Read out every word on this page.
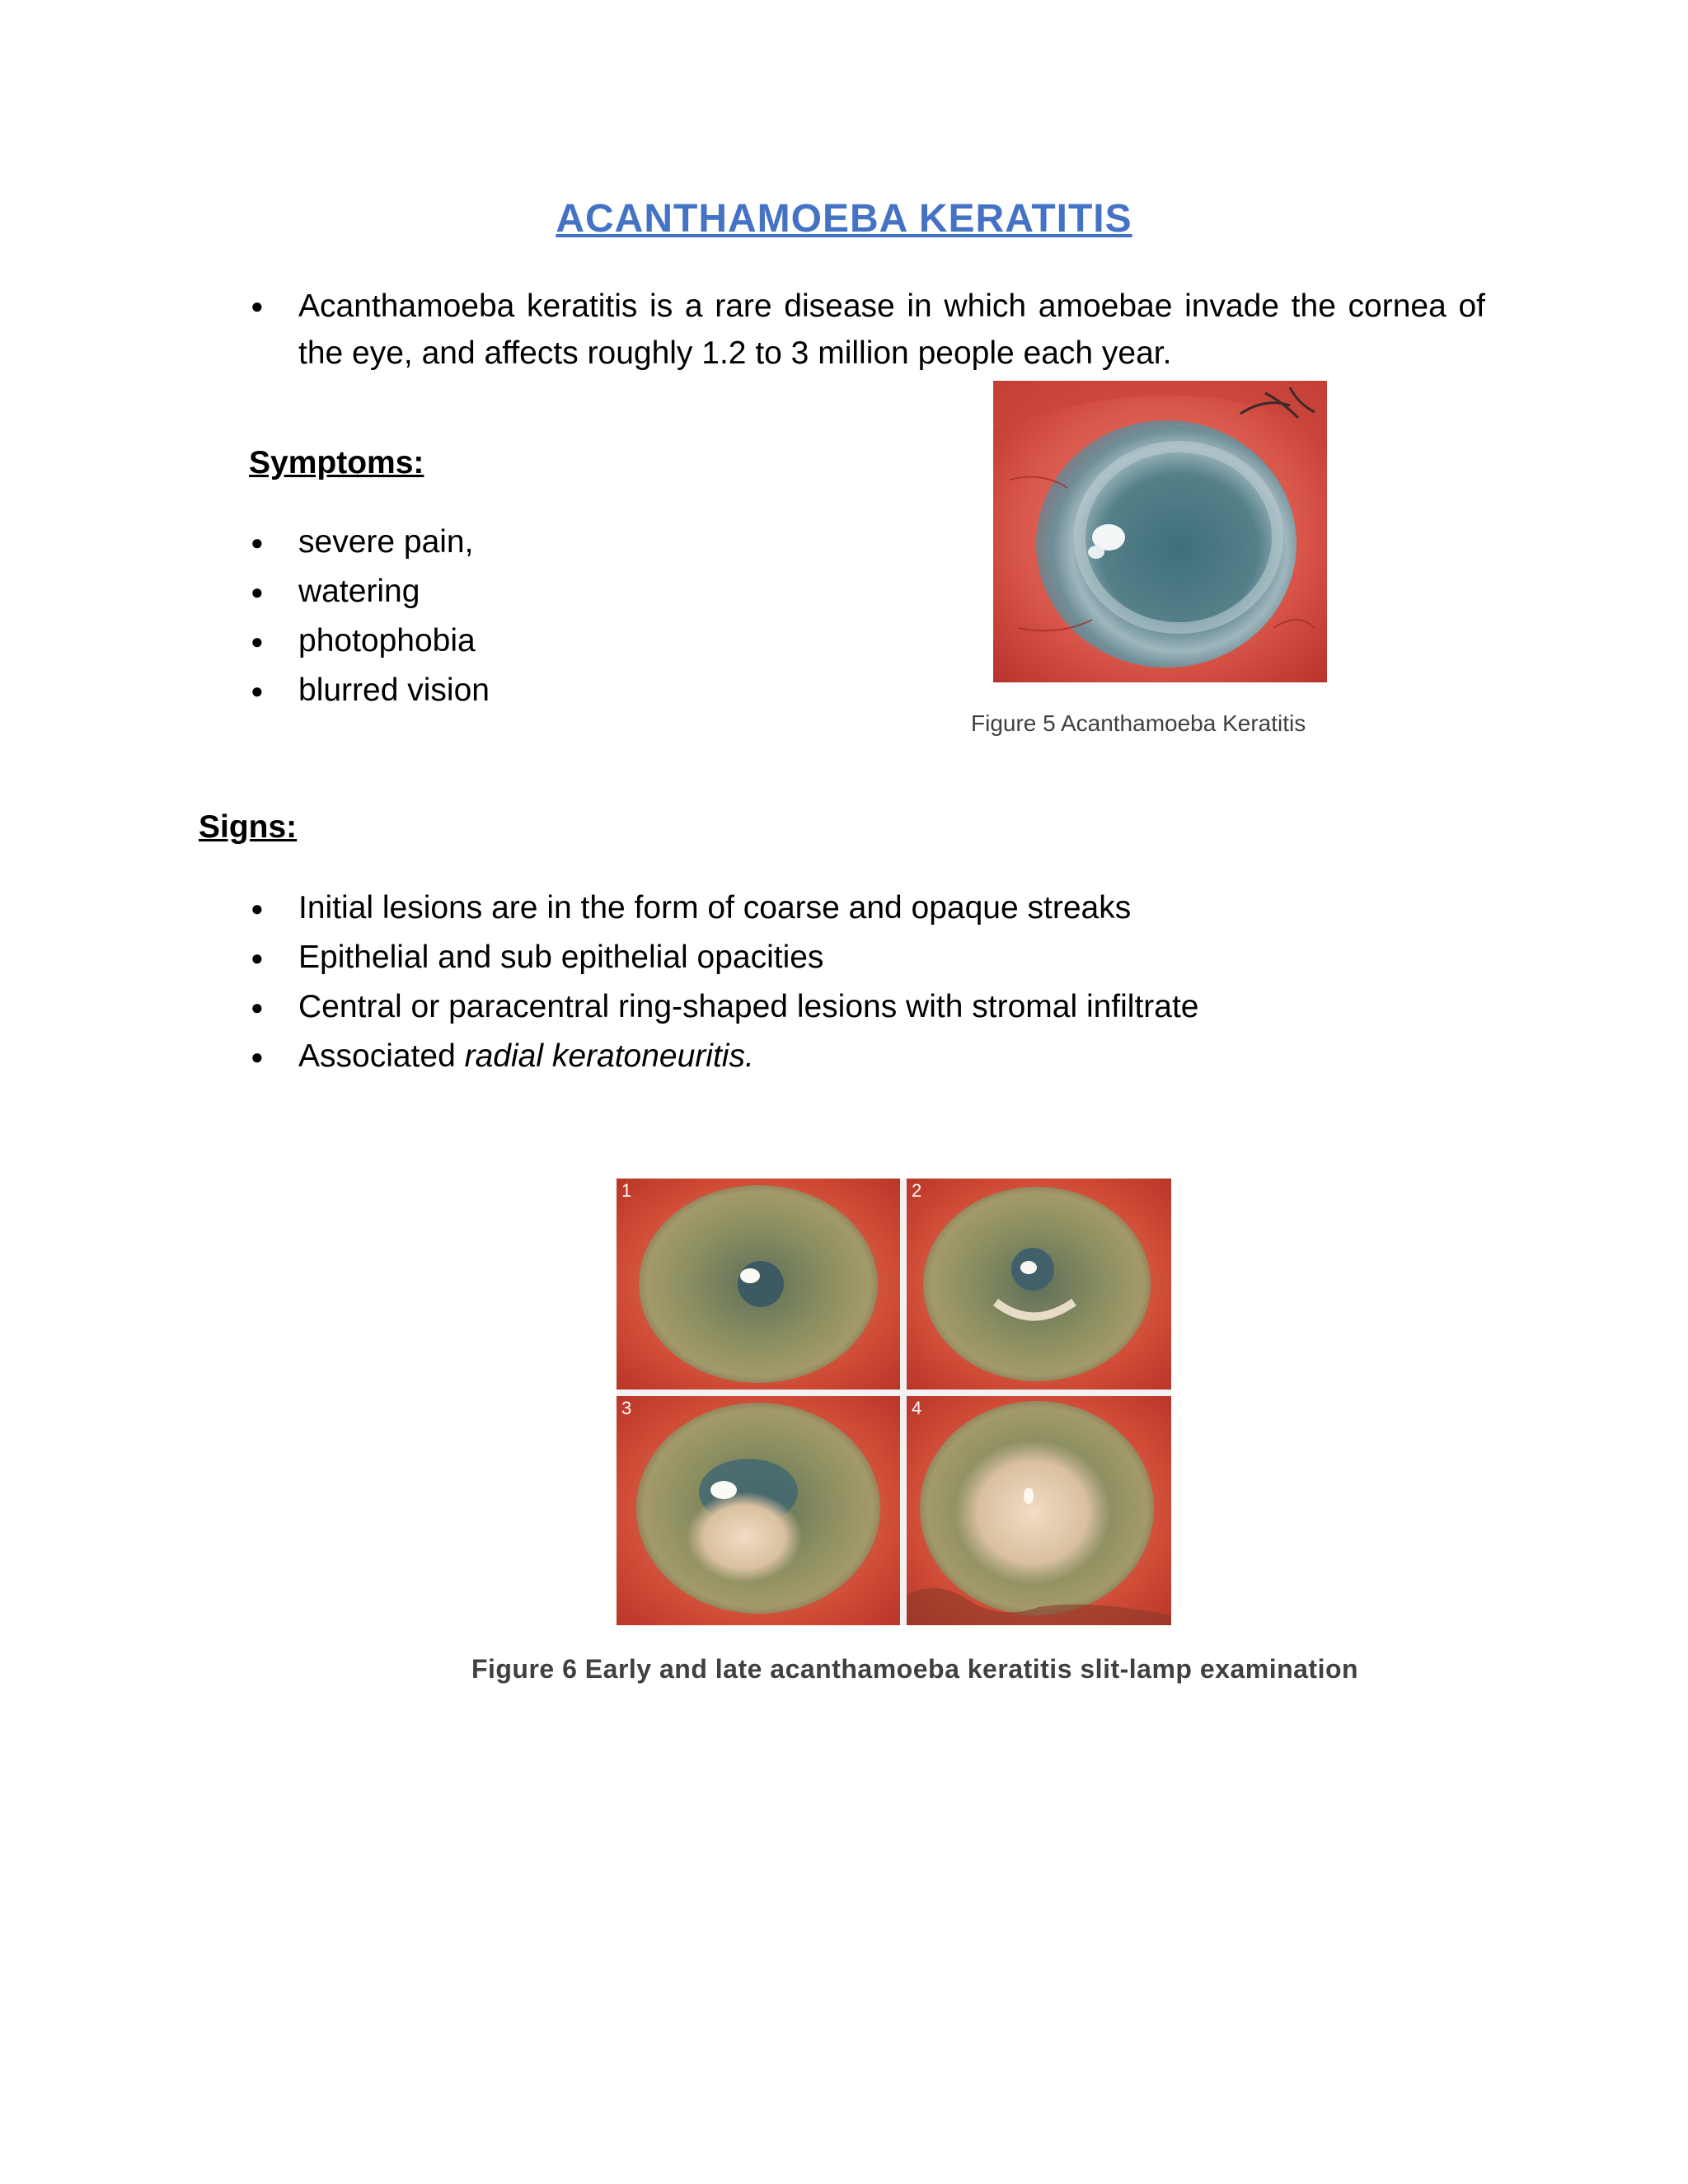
ACANTHAMOEBA KERATITIS
● Acanthamoeba keratitis is a rare disease in which amoebae invade the cornea of the eye, and affects roughly 1.2 to 3 million people each year.
Symptoms:
● severe pain,
● watering
● photophobia
● blurred vision
Figure 5 Acanthamoeba Keratitis
Signs:
● Initial lesions are in the form of coarse and opaque streaks
● Epithelial and sub epithelial opacities
● Central or paracentral ring-shaped lesions with stromal infiltrate
● Associated radial keratoneuritis.
1	2
3	4
Figure 6 Early and late acanthamoeba keratitis slit-lamp examination
